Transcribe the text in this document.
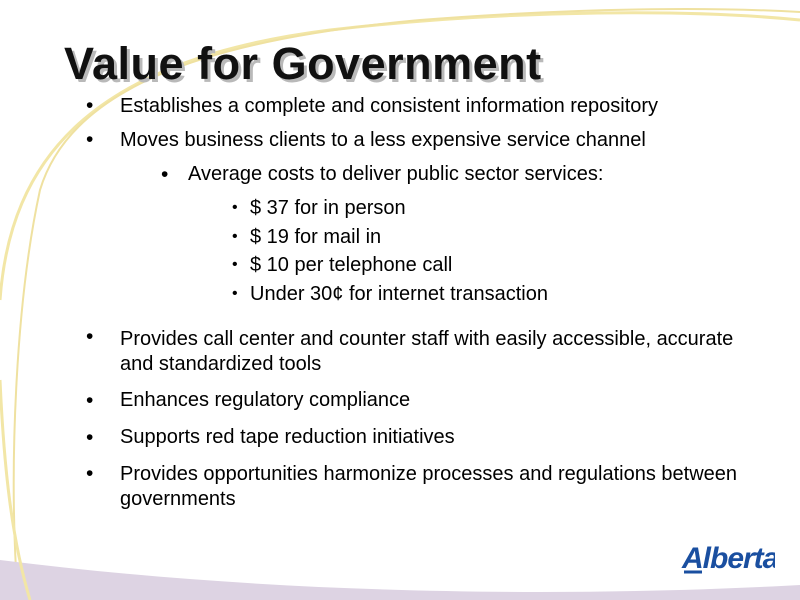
Value for Government
• Establishes a complete and consistent information repository
• Moves business clients to a less expensive service channel
• Average costs to deliver public sector services:
• $ 37 for in person
• $ 19 for mail in
• $ 10 per telephone call
• Under 30¢ for internet transaction
• Provides call center and counter staff with easily accessible, accurate and standardized tools
• Enhances regulatory compliance
• Supports red tape reduction initiatives
• Provides opportunities harmonize processes and regulations between governments
Alberta
